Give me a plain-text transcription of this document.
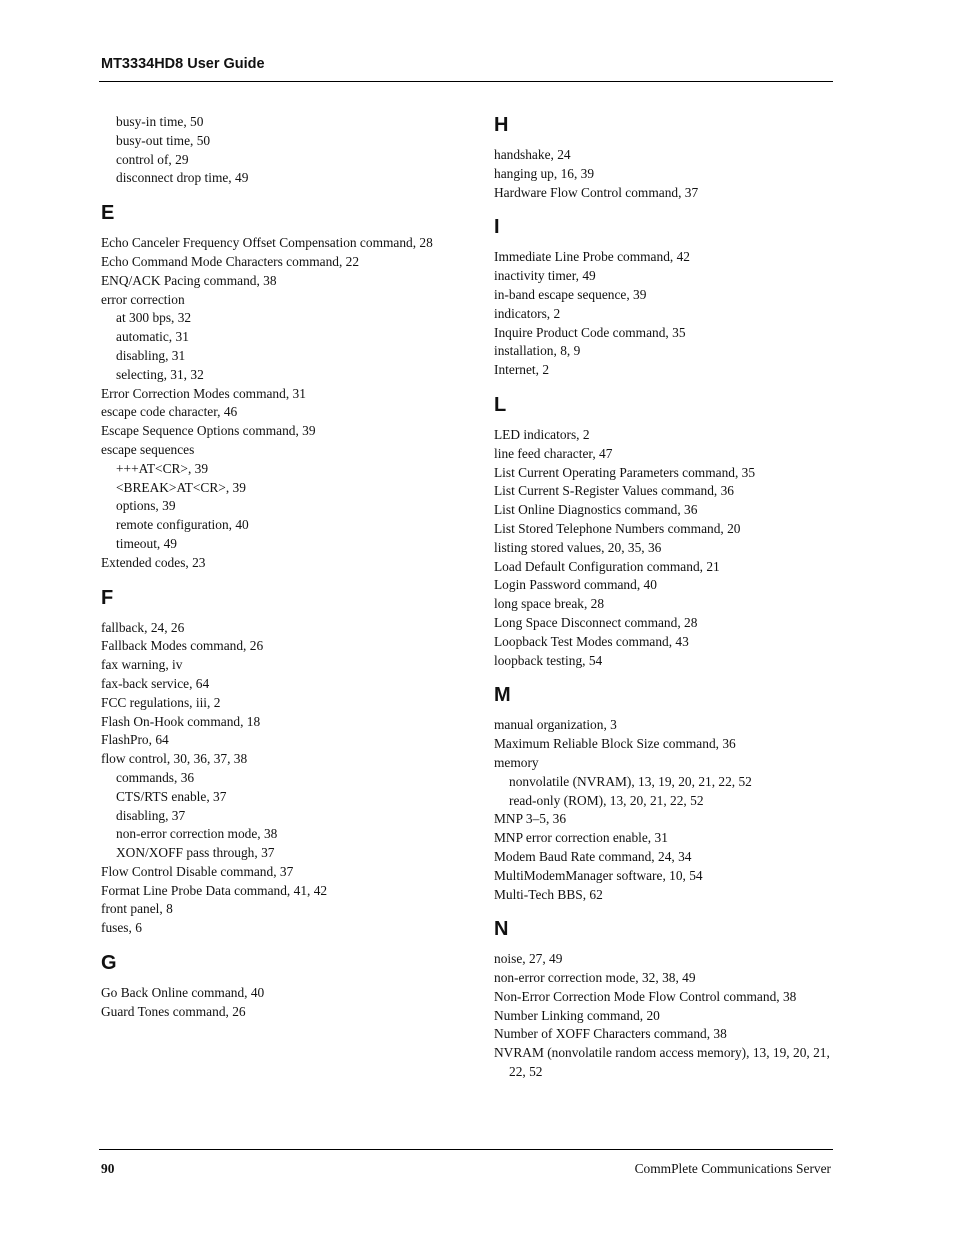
MT3334HD8 User Guide
busy-in time, 50
busy-out time, 50
control of, 29
disconnect drop time, 49
E
Echo Canceler Frequency Offset Compensation command, 28
Echo Command Mode Characters command, 22
ENQ/ACK Pacing command, 38
error correction
at 300 bps, 32
automatic, 31
disabling, 31
selecting, 31, 32
Error Correction Modes command, 31
escape code character, 46
Escape Sequence Options command, 39
escape sequences
+++AT<CR>, 39
<BREAK>AT<CR>, 39
options, 39
remote configuration, 40
timeout, 49
Extended codes, 23
F
fallback, 24, 26
Fallback Modes command, 26
fax warning, iv
fax-back service, 64
FCC regulations, iii, 2
Flash On-Hook command, 18
FlashPro, 64
flow control, 30, 36, 37, 38
commands, 36
CTS/RTS enable, 37
disabling, 37
non-error correction mode, 38
XON/XOFF pass through, 37
Flow Control Disable command, 37
Format Line Probe Data command, 41, 42
front panel, 8
fuses, 6
G
Go Back Online command, 40
Guard Tones command, 26
H
handshake, 24
hanging up, 16, 39
Hardware Flow Control command, 37
I
Immediate Line Probe command, 42
inactivity timer, 49
in-band escape sequence, 39
indicators, 2
Inquire Product Code command, 35
installation, 8, 9
Internet, 2
L
LED indicators, 2
line feed character, 47
List Current Operating Parameters command, 35
List Current S-Register Values command, 36
List Online Diagnostics command, 36
List Stored Telephone Numbers command, 20
listing stored values, 20, 35, 36
Load Default Configuration command, 21
Login Password command, 40
long space break, 28
Long Space Disconnect command, 28
Loopback Test Modes command, 43
loopback testing, 54
M
manual organization, 3
Maximum Reliable Block Size command, 36
memory
nonvolatile (NVRAM), 13, 19, 20, 21, 22, 52
read-only (ROM), 13, 20, 21, 22, 52
MNP 3–5, 36
MNP error correction enable, 31
Modem Baud Rate command, 24, 34
MultiModemManager software, 10, 54
Multi-Tech BBS, 62
N
noise, 27, 49
non-error correction mode, 32, 38, 49
Non-Error Correction Mode Flow Control command, 38
Number Linking command, 20
Number of XOFF Characters command, 38
NVRAM (nonvolatile random access memory), 13, 19, 20, 21, 22, 52
90	CommPlete Communications Server
